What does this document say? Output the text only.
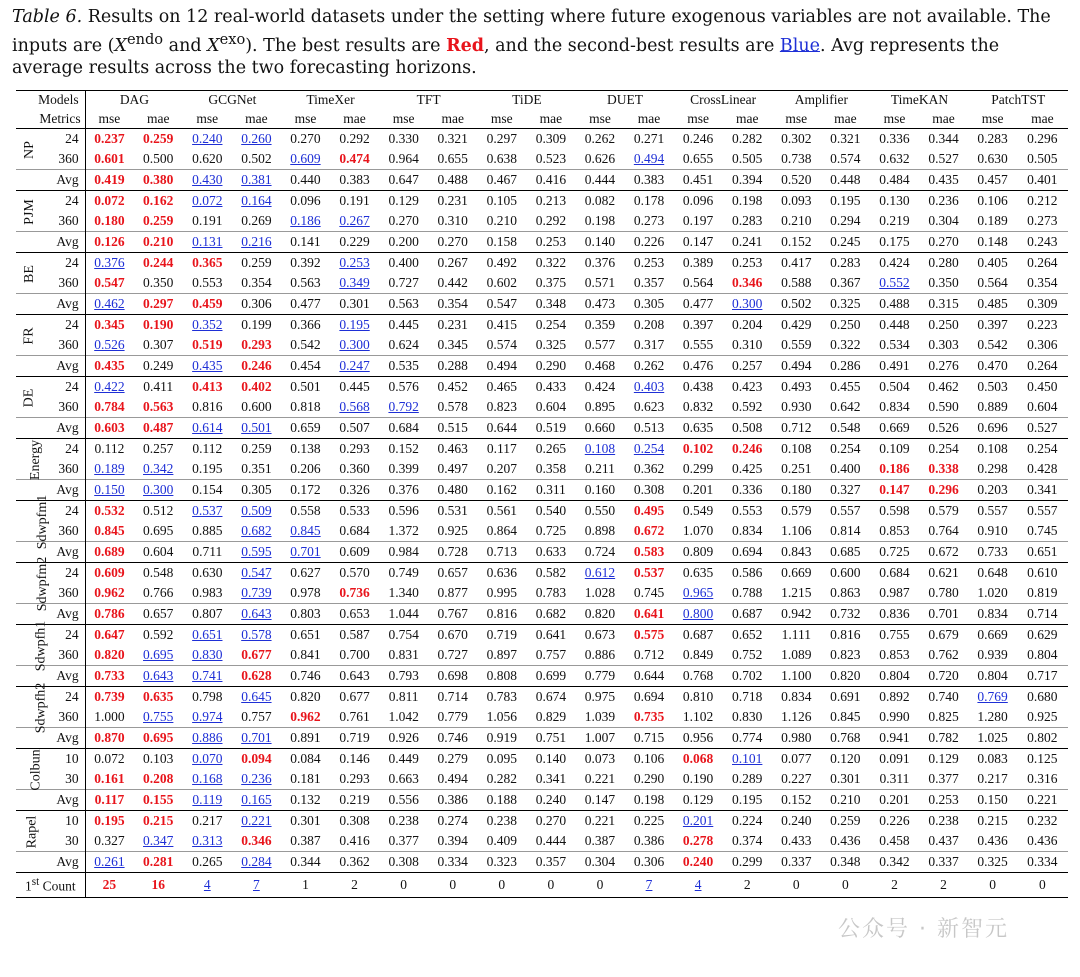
Table 6. Results on 12 real-world datasets under the setting where future exogenous variables are not available. The inputs are ($X^{endo}$ and $X^{exo}$). The best results are Red, and the second-best results are Blue. Avg represents the average results across the two forecasting horizons.
Models		DAG		GCGNet		TimeXer		TFT		TiDE		DUET		CrossLinear		Amplifier		TimeKAN		PatchTST	
Metrics		mse	mae	mse	mae	mse	mae	mse	mae	mse	mae	mse	mae	mse	mae	mse	mae	mse	mae	mse	mae
NP	24	0.237	0.259	0.240	0.260	0.270	0.292	0.330	0.321	0.297	0.309	0.262	0.271	0.246	0.282	0.302	0.321	0.336	0.344	0.283	0.296
	360	0.601	0.500	0.620	0.502	0.609	0.474	0.964	0.655	0.638	0.523	0.626	0.494	0.655	0.505	0.738	0.574	0.632	0.527	0.630	0.505
Avg		0.419	0.380	0.430	0.381	0.440	0.383	0.647	0.488	0.467	0.416	0.444	0.383	0.451	0.394	0.520	0.448	0.484	0.435	0.457	0.401
PJM	24	0.072	0.162	0.072	0.164	0.096	0.191	0.129	0.231	0.105	0.213	0.082	0.178	0.096	0.198	0.093	0.195	0.130	0.236	0.106	0.212
	360	0.180	0.259	0.191	0.269	0.186	0.267	0.270	0.310	0.210	0.292	0.198	0.273	0.197	0.283	0.210	0.294	0.219	0.304	0.189	0.273
Avg		0.126	0.210	0.131	0.216	0.141	0.229	0.200	0.270	0.158	0.253	0.140	0.226	0.147	0.241	0.152	0.245	0.175	0.270	0.148	0.243
BE	24	0.376	0.244	0.365	0.259	0.392	0.253	0.400	0.267	0.492	0.322	0.376	0.253	0.389	0.253	0.417	0.283	0.424	0.280	0.405	0.264
	360	0.547	0.350	0.553	0.354	0.563	0.349	0.727	0.442	0.602	0.375	0.571	0.357	0.564	0.346	0.588	0.367	0.552	0.350	0.564	0.354
Avg		0.462	0.297	0.459	0.306	0.477	0.301	0.563	0.354	0.547	0.348	0.473	0.305	0.477	0.300	0.502	0.325	0.488	0.315	0.485	0.309
FR	24	0.345	0.190	0.352	0.199	0.366	0.195	0.445	0.231	0.415	0.254	0.359	0.208	0.397	0.204	0.429	0.250	0.448	0.250	0.397	0.223
	360	0.526	0.307	0.519	0.293	0.542	0.300	0.624	0.345	0.574	0.325	0.577	0.317	0.555	0.310	0.559	0.322	0.534	0.303	0.542	0.306
Avg		0.435	0.249	0.435	0.246	0.454	0.247	0.535	0.288	0.494	0.290	0.468	0.262	0.476	0.257	0.494	0.286	0.491	0.276	0.470	0.264
DE	24	0.422	0.411	0.413	0.402	0.501	0.445	0.576	0.452	0.465	0.433	0.424	0.403	0.438	0.423	0.493	0.455	0.504	0.462	0.503	0.450
	360	0.784	0.563	0.816	0.600	0.818	0.568	0.792	0.578	0.823	0.604	0.895	0.623	0.832	0.592	0.930	0.642	0.834	0.590	0.889	0.604
Avg		0.603	0.487	0.614	0.501	0.659	0.507	0.684	0.515	0.644	0.519	0.660	0.513	0.635	0.508	0.712	0.548	0.669	0.526	0.696	0.527
Energy	24	0.112	0.257	0.112	0.259	0.138	0.293	0.152	0.463	0.117	0.265	0.108	0.254	0.102	0.246	0.108	0.254	0.109	0.254	0.108	0.254
	360	0.189	0.342	0.195	0.351	0.206	0.360	0.399	0.497	0.207	0.358	0.211	0.362	0.299	0.425	0.251	0.400	0.186	0.338	0.298	0.428
Avg		0.150	0.300	0.154	0.305	0.172	0.326	0.376	0.480	0.162	0.311	0.160	0.308	0.201	0.336	0.180	0.327	0.147	0.296	0.203	0.341
Sdwpfm1	24	0.532	0.512	0.537	0.509	0.558	0.533	0.596	0.531	0.561	0.540	0.550	0.495	0.549	0.553	0.579	0.557	0.598	0.579	0.557	0.557
	360	0.845	0.695	0.885	0.682	0.845	0.684	1.372	0.925	0.864	0.725	0.898	0.672	1.070	0.834	1.106	0.814	0.853	0.764	0.910	0.745
Avg		0.689	0.604	0.711	0.595	0.701	0.609	0.984	0.728	0.713	0.633	0.724	0.583	0.809	0.694	0.843	0.685	0.725	0.672	0.733	0.651
Sdwpfm2	24	0.609	0.548	0.630	0.547	0.627	0.570	0.749	0.657	0.636	0.582	0.612	0.537	0.635	0.586	0.669	0.600	0.684	0.621	0.648	0.610
	360	0.962	0.766	0.983	0.739	0.978	0.736	1.340	0.877	0.995	0.783	1.028	0.745	0.965	0.788	1.215	0.863	0.987	0.780	1.020	0.819
Avg		0.786	0.657	0.807	0.643	0.803	0.653	1.044	0.767	0.816	0.682	0.820	0.641	0.800	0.687	0.942	0.732	0.836	0.701	0.834	0.714
Sdwpfh1	24	0.647	0.592	0.651	0.578	0.651	0.587	0.754	0.670	0.719	0.641	0.673	0.575	0.687	0.652	1.111	0.816	0.755	0.679	0.669	0.629
	360	0.820	0.695	0.830	0.677	0.841	0.700	0.831	0.727	0.897	0.757	0.886	0.712	0.849	0.752	1.089	0.823	0.853	0.762	0.939	0.804
Avg		0.733	0.643	0.741	0.628	0.746	0.643	0.793	0.698	0.808	0.699	0.779	0.644	0.768	0.702	1.100	0.820	0.804	0.720	0.804	0.717
Sdwpfh2	24	0.739	0.635	0.798	0.645	0.820	0.677	0.811	0.714	0.783	0.674	0.975	0.694	0.810	0.718	0.834	0.691	0.892	0.740	0.769	0.680
	360	1.000	0.755	0.974	0.757	0.962	0.761	1.042	0.779	1.056	0.829	1.039	0.735	1.102	0.830	1.126	0.845	0.990	0.825	1.280	0.925
Avg		0.870	0.695	0.886	0.701	0.891	0.719	0.926	0.746	0.919	0.751	1.007	0.715	0.956	0.774	0.980	0.768	0.941	0.782	1.025	0.802
Colbun	10	0.072	0.103	0.070	0.094	0.084	0.146	0.449	0.279	0.095	0.140	0.073	0.106	0.068	0.101	0.077	0.120	0.091	0.129	0.083	0.125
	30	0.161	0.208	0.168	0.236	0.181	0.293	0.663	0.494	0.282	0.341	0.221	0.290	0.190	0.289	0.227	0.301	0.311	0.377	0.217	0.316
Avg		0.117	0.155	0.119	0.165	0.132	0.219	0.556	0.386	0.188	0.240	0.147	0.198	0.129	0.195	0.152	0.210	0.201	0.253	0.150	0.221
Rapel	10	0.195	0.215	0.217	0.221	0.301	0.308	0.238	0.274	0.238	0.270	0.221	0.225	0.201	0.224	0.240	0.259	0.226	0.238	0.215	0.232
	30	0.327	0.347	0.313	0.346	0.387	0.416	0.377	0.394	0.409	0.444	0.387	0.386	0.278	0.374	0.433	0.436	0.458	0.437	0.436	0.436
Avg		0.261	0.281	0.265	0.284	0.344	0.362	0.308	0.334	0.323	0.357	0.304	0.306	0.240	0.299	0.337	0.348	0.342	0.337	0.325	0.334
1st Count		25	16	4	7	1	2	0	0	0	0	0	7	4	2	0	0	2	2	0	0
公众号 · 新智元
